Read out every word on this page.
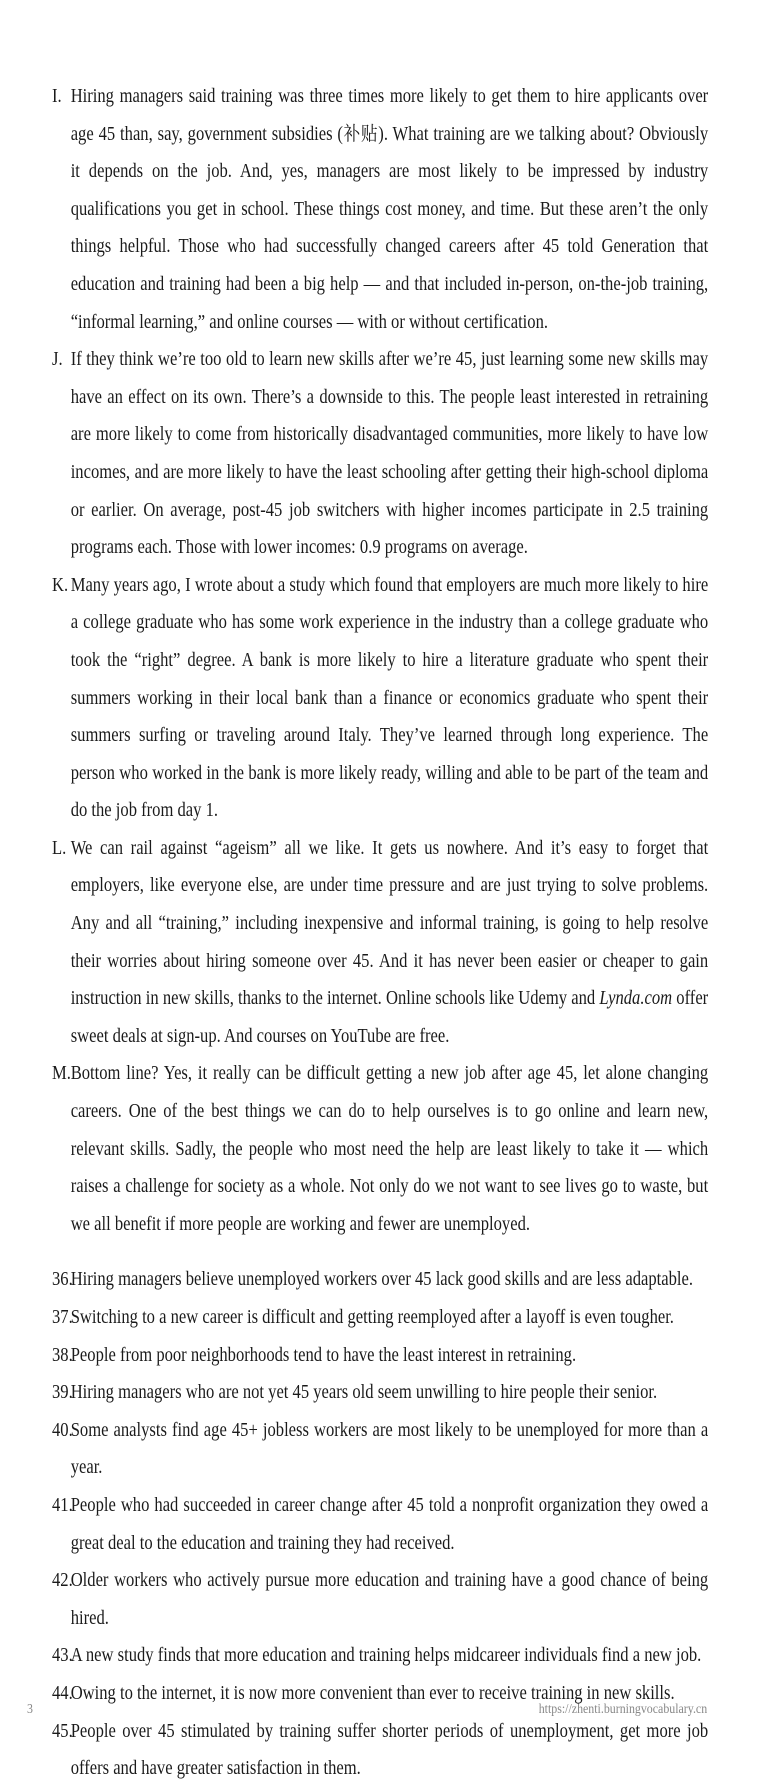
I. Hiring managers said training was three times more likely to get them to hire applicants over age 45 than, say, government subsidies (补贴). What training are we talking about? Obviously it depends on the job. And, yes, managers are most likely to be impressed by industry qualifications you get in school. These things cost money, and time. But these aren’t the only things helpful. Those who had successfully changed careers after 45 told Generation that education and training had been a big help — and that included in-person, on-the-job training, “informal learning,” and online courses — with or without certification.

J. If they think we’re too old to learn new skills after we’re 45, just learning some new skills may have an effect on its own. There’s a downside to this. The people least interested in retraining are more likely to come from historically disadvantaged communities, more likely to have low incomes, and are more likely to have the least schooling after getting their high-school diploma or earlier. On average, post-45 job switchers with higher incomes participate in 2.5 training programs each. Those with lower incomes: 0.9 programs on average.

K. Many years ago, I wrote about a study which found that employers are much more likely to hire a college graduate who has some work experience in the industry than a college graduate who took the “right” degree. A bank is more likely to hire a literature graduate who spent their summers working in their local bank than a finance or economics graduate who spent their summers surfing or traveling around Italy. They’ve learned through long experience. The person who worked in the bank is more likely ready, willing and able to be part of the team and do the job from day 1.

L. We can rail against “ageism” all we like. It gets us nowhere. And it’s easy to forget that employers, like everyone else, are under time pressure and are just trying to solve problems. Any and all “training,” including inexpensive and informal training, is going to help resolve their worries about hiring someone over 45. And it has never been easier or cheaper to gain instruction in new skills, thanks to the internet. Online schools like Udemy and Lynda.com offer sweet deals at sign-up. And courses on YouTube are free.

M. Bottom line? Yes, it really can be difficult getting a new job after age 45, let alone changing careers. One of the best things we can do to help ourselves is to go online and learn new, relevant skills. Sadly, the people who most need the help are least likely to take it — which raises a challenge for society as a whole. Not only do we not want to see lives go to waste, but we all benefit if more people are working and fewer are unemployed.

36.
Hiring managers believe unemployed workers over 45 lack good skills and are less adaptable.

37.
Switching to a new career is difficult and getting reemployed after a layoff is even tougher.

38.
People from poor neighborhoods tend to have the least interest in retraining.

39.
Hiring managers who are not yet 45 years old seem unwilling to hire people their senior.

40.
Some analysts find age 45+ jobless workers are most likely to be unemployed for more than a year.

41.
People who had succeeded in career change after 45 told a nonprofit organization they owed a great deal to the education and training they had received.

42.
Older workers who actively pursue more education and training have a good chance of being hired.

43.
A new study finds that more education and training helps midcareer individuals find a new job.

44.
Owing to the internet, it is now more convenient than ever to receive training in new skills.

45.
People over 45 stimulated by training suffer shorter periods of unemployment, get more job offers and have greater satisfaction in them.

3	https://zhenti.burningvocabulary.cn
